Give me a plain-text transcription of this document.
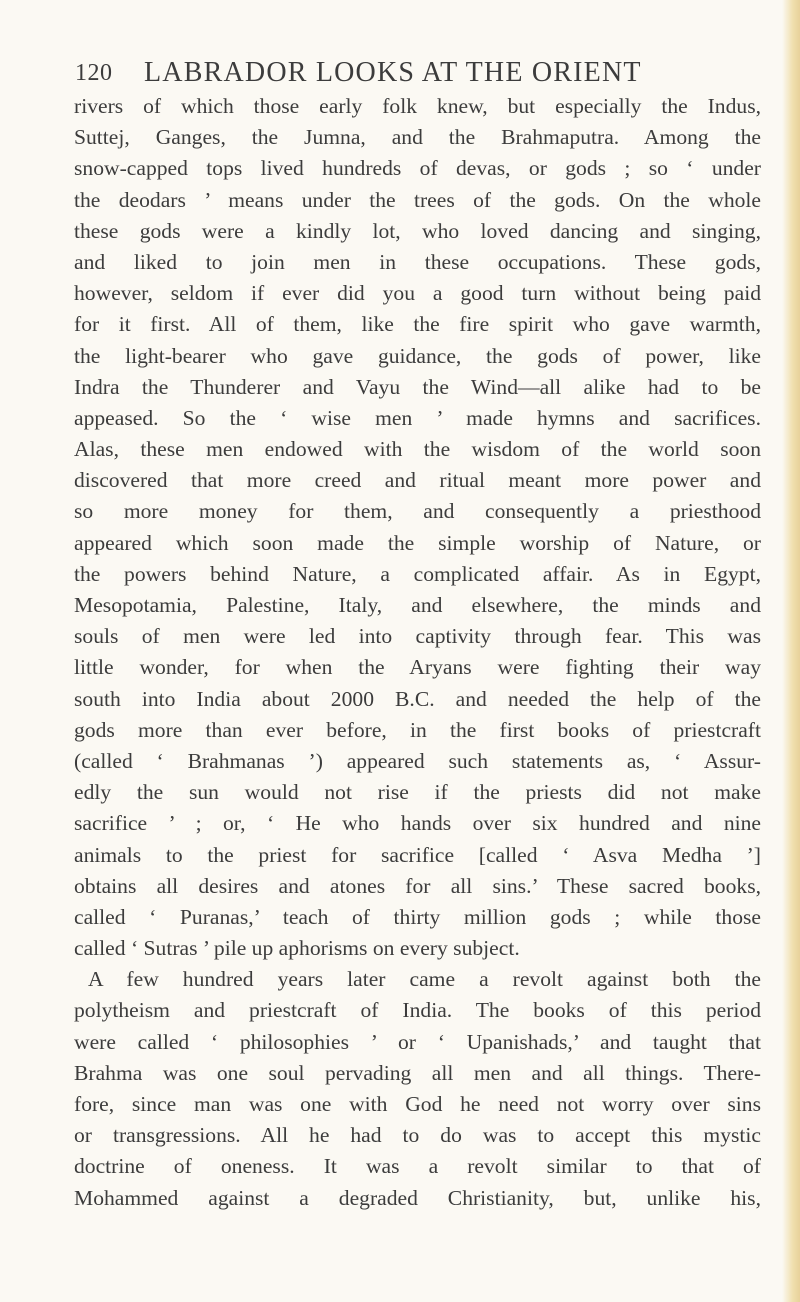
120 LABRADOR LOOKS AT THE ORIENT
rivers of which those early folk knew, but especially the Indus,
Suttej, Ganges, the Jumna, and the Brahmaputra. Among the
snow-capped tops lived hundreds of devas, or gods ; so ‘ under
the deodars ’ means under the trees of the gods. On the whole
these gods were a kindly lot, who loved dancing and singing,
and liked to join men in these occupations. These gods,
however, seldom if ever did you a good turn without being paid
for it first. All of them, like the fire spirit who gave warmth,
the light-bearer who gave guidance, the gods of power, like
Indra the Thunderer and Vayu the Wind—all alike had to be
appeased. So the ‘ wise men ’ made hymns and sacrifices.
Alas, these men endowed with the wisdom of the world soon
discovered that more creed and ritual meant more power and
so more money for them, and consequently a priesthood
appeared which soon made the simple worship of Nature, or
the powers behind Nature, a complicated affair. As in Egypt,
Mesopotamia, Palestine, Italy, and elsewhere, the minds and
souls of men were led into captivity through fear. This was
little wonder, for when the Aryans were fighting their way
south into India about 2000 B.C. and needed the help of the
gods more than ever before, in the first books of priestcraft
(called ‘ Brahmanas ’) appeared such statements as, ‘ Assur-
edly the sun would not rise if the priests did not make
sacrifice ’ ; or, ‘ He who hands over six hundred and nine
animals to the priest for sacrifice [called ‘ Asva Medha ’]
obtains all desires and atones for all sins.’ These sacred books,
called ‘ Puranas,’ teach of thirty million gods ; while those
called ‘ Sutras ’ pile up aphorisms on every subject.
A few hundred years later came a revolt against both the
polytheism and priestcraft of India. The books of this period
were called ‘ philosophies ’ or ‘ Upanishads,’ and taught that
Brahma was one soul pervading all men and all things. There-
fore, since man was one with God he need not worry over sins
or transgressions. All he had to do was to accept this mystic
doctrine of oneness. It was a revolt similar to that of
Mohammed against a degraded Christianity, but, unlike his,
